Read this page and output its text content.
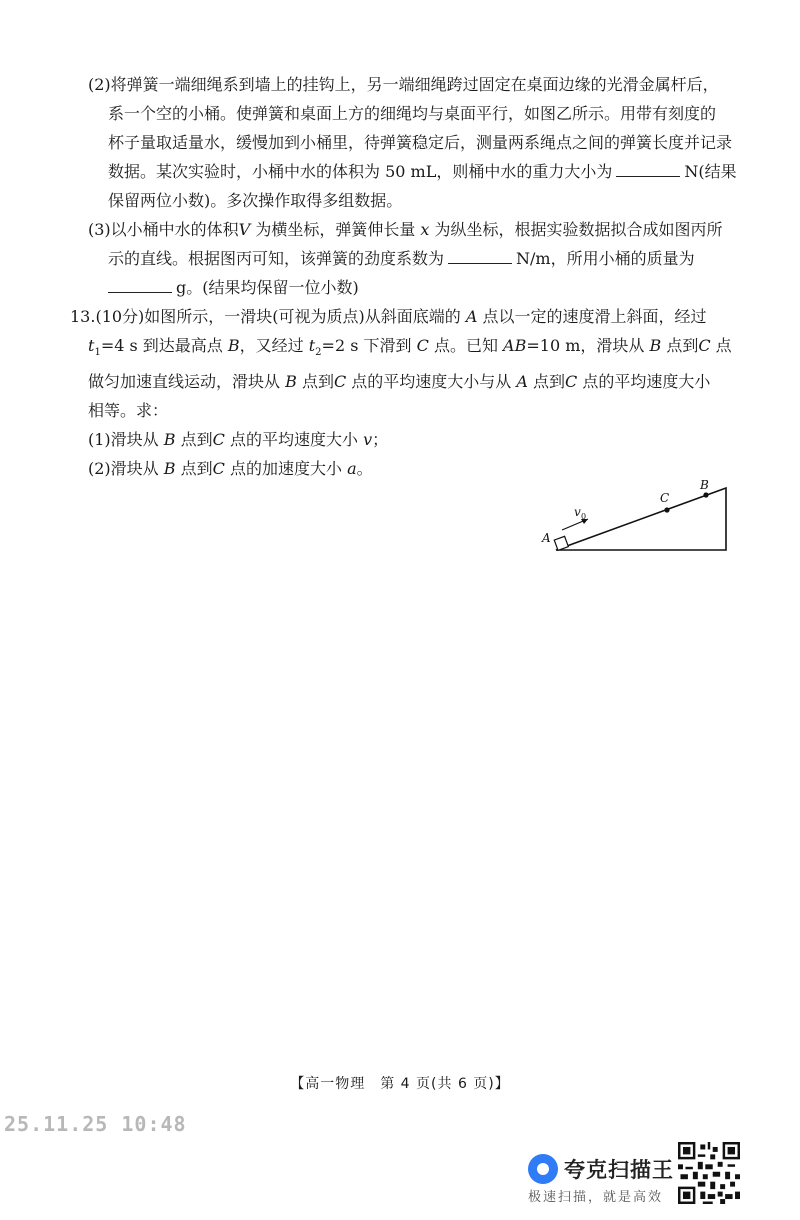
(2)将弹簧一端细绳系到墙上的挂钩上，另一端细绳跨过固定在桌面边缘的光滑金属杆后，
系一个空的小桶。使弹簧和桌面上方的细绳均与桌面平行，如图乙所示。用带有刻度的
杯子量取适量水，缓慢加到小桶里，待弹簧稳定后，测量两系绳点之间的弹簧长度并记录
数据。某次实验时，小桶中水的体积为 50 mL，则桶中水的重力大小为	N(结果
保留两位小数)。多次操作取得多组数据。
(3)以小桶中水的体积V 为横坐标，弹簧伸长量 x 为纵坐标，根据实验数据拟合成如图丙所
示的直线。根据图丙可知，该弹簧的劲度系数为	N/m，所用小桶的质量为
g。(结果均保留一位小数)
13.(10分)如图所示，一滑块(可视为质点)从斜面底端的 A 点以一定的速度滑上斜面，经过
$t_1=4$ s 到达最高点 B，又经过 $t_2=2$ s 下滑到 C 点。已知 AB=10 m，滑块从 B 点到C 点
做匀加速直线运动，滑块从 B 点到C 点的平均速度大小与从 A 点到C 点的平均速度大小
相等。求：
(1)滑块从 B 点到C 点的平均速度大小 v；
(2)滑块从 B 点到C 点的加速度大小 a。
A
C
B
v 0
【高一物理　第 4 页(共 6 页)】
25.11.25 10:48
夸克扫描王
极速扫描，就是高效
